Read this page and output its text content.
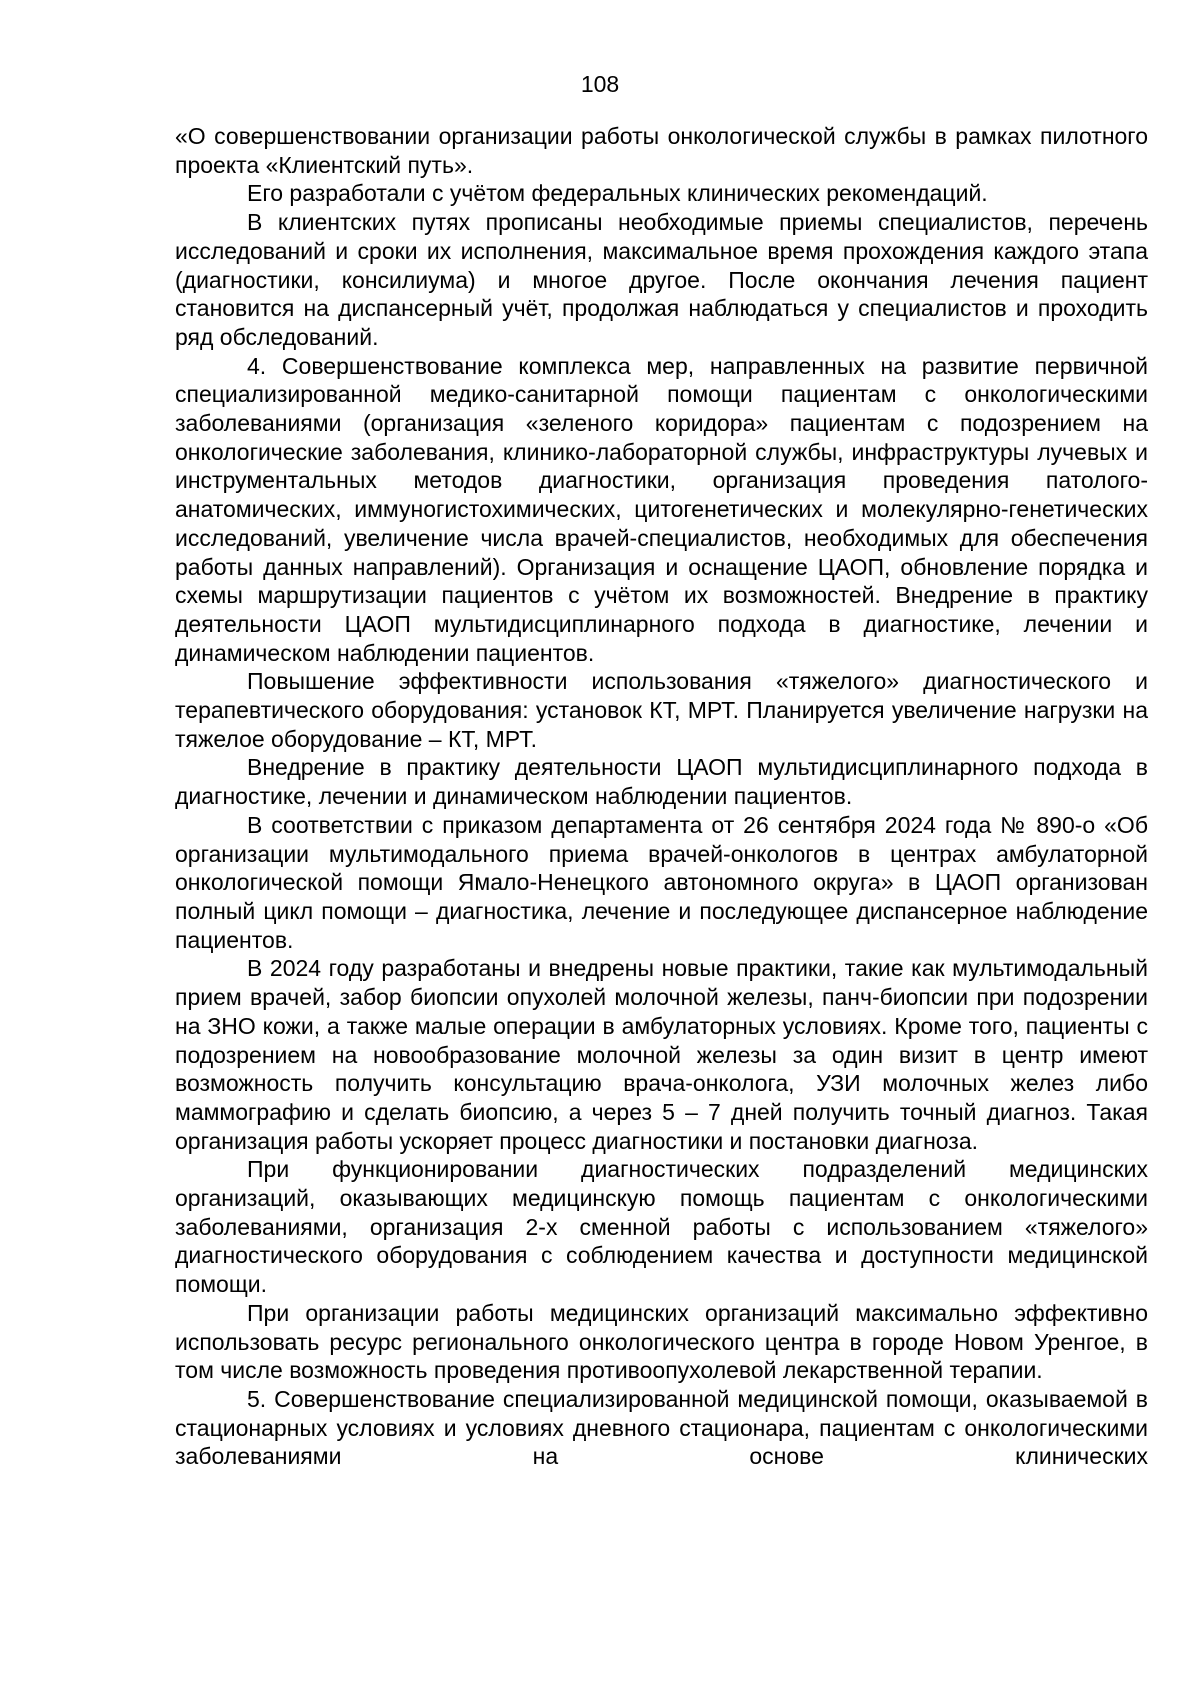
108

«О совершенствовании организации работы онкологической службы в рамках пилотного проекта «Клиентский путь».

Его разработали с учётом федеральных клинических рекомендаций.

В клиентских путях прописаны необходимые приемы специалистов, перечень исследований и сроки их исполнения, максимальное время прохождения каждого этапа (диагностики, консилиума) и многое другое. После окончания лечения пациент становится на диспансерный учёт, продолжая наблюдаться у специалистов и проходить ряд обследований.

4. Совершенствование комплекса мер, направленных на развитие первичной специализированной медико-санитарной помощи пациентам с онкологическими заболеваниями (организация «зеленого коридора» пациентам с подозрением на онкологические заболевания, клинико-лабораторной службы, инфраструктуры лучевых и инструментальных методов диагностики, организация проведения патолого-анатомических, иммуногистохимических, цитогенетических и молекулярно-генетических исследований, увеличение числа врачей-специалистов, необходимых для обеспечения работы данных направлений). Организация и оснащение ЦАОП, обновление порядка и схемы маршрутизации пациентов с учётом их возможностей. Внедрение в практику деятельности ЦАОП мультидисциплинарного подхода в диагностике, лечении и динамическом наблюдении пациентов.

Повышение эффективности использования «тяжелого» диагностического и терапевтического оборудования: установок КТ, МРТ. Планируется увеличение нагрузки на тяжелое оборудование – КТ, МРТ.

Внедрение в практику деятельности ЦАОП мультидисциплинарного подхода в диагностике, лечении и динамическом наблюдении пациентов.

В соответствии с приказом департамента от 26 сентября 2024 года № 890-о «Об организации мультимодального приема врачей-онкологов в центрах амбулаторной онкологической помощи Ямало-Ненецкого автономного округа» в ЦАОП организован полный цикл помощи – диагностика, лечение и последующее диспансерное наблюдение пациентов.

В 2024 году разработаны и внедрены новые практики, такие как мультимодальный прием врачей, забор биопсии опухолей молочной железы, панч-биопсии при подозрении на ЗНО кожи, а также малые операции в амбулаторных условиях. Кроме того, пациенты с подозрением на новообразование молочной железы за один визит в центр имеют возможность получить консультацию врача-онколога, УЗИ молочных желез либо маммографию и сделать биопсию, а через 5 – 7 дней получить точный диагноз. Такая организация работы ускоряет процесс диагностики и постановки диагноза.

При функционировании диагностических подразделений медицинских организаций, оказывающих медицинскую помощь пациентам с онкологическими заболеваниями, организация 2-х сменной работы с использованием «тяжелого» диагностического оборудования с соблюдением качества и доступности медицинской помощи.

При организации работы медицинских организаций максимально эффективно использовать ресурс регионального онкологического центра в городе Новом Уренгое, в том числе возможность проведения противоопухолевой лекарственной терапии.

5. Совершенствование специализированной медицинской помощи, оказываемой в стационарных условиях и условиях дневного стационара, пациентам с онкологическими заболеваниями на основе клинических
